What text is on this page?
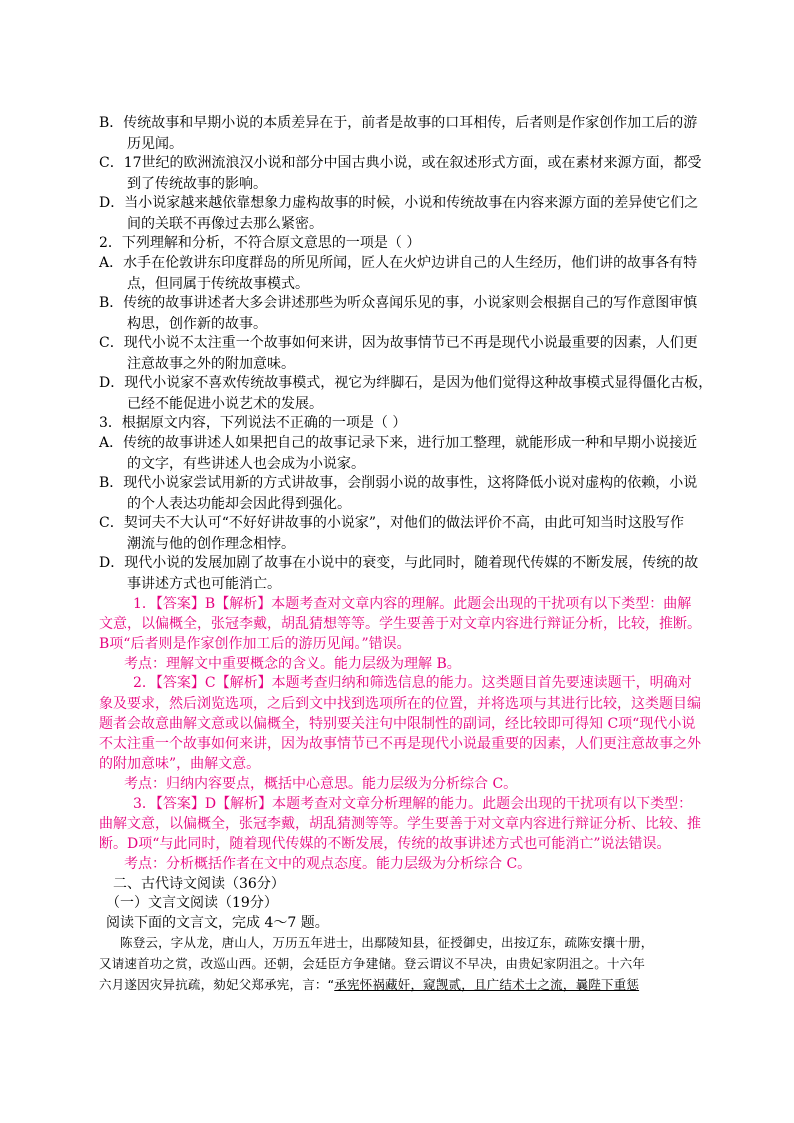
B．传统故事和早期小说的本质差异在于，前者是故事的口耳相传，后者则是作家创作加工后的游
历见闻。
C．17世纪的欧洲流浪汉小说和部分中国古典小说，或在叙述形式方面，或在素材来源方面，都受
到了传统故事的影响。
D．当小说家越来越依靠想象力虚构故事的时候，小说和传统故事在内容来源方面的差异使它们之
间的关联不再像过去那么紧密。
2．下列理解和分析，不符合原文意思的一项是（ ）
A．水手在伦敦讲东印度群岛的所见所闻，匠人在火炉边讲自己的人生经历，他们讲的故事各有特
点，但同属于传统故事模式。
B．传统的故事讲述者大多会讲述那些为听众喜闻乐见的事，小说家则会根据自己的写作意图审慎
构思，创作新的故事。
C．现代小说不太注重一个故事如何来讲，因为故事情节已不再是现代小说最重要的因素，人们更
注意故事之外的附加意味。
D．现代小说家不喜欢传统故事模式，视它为绊脚石，是因为他们觉得这种故事模式显得僵化古板，
已经不能促进小说艺术的发展。
3．根据原文内容，下列说法不正确的一项是（ ）
A．传统的故事讲述人如果把自己的故事记录下来，进行加工整理，就能形成一种和早期小说接近
的文字，有些讲述人也会成为小说家。
B．现代小说家尝试用新的方式讲故事，会削弱小说的故事性，这将降低小说对虚构的依赖，小说
的个人表达功能却会因此得到强化。
C．契诃夫不大认可“不好好讲故事的小说家”，对他们的做法评价不高，由此可知当时这股写作
潮流与他的创作理念相悖。
D．现代小说的发展加剧了故事在小说中的衰变，与此同时，随着现代传媒的不断发展，传统的故
事讲述方式也可能消亡。
1．【答案】B【解析】本题考查对文章内容的理解。此题会出现的干扰项有以下类型：曲解
文意，以偏概全，张冠李戴，胡乱猜想等等。学生要善于对文章内容进行辩证分析，比较，推断。
B项“后者则是作家创作加工后的游历见闻。”错误。
考点：理解文中重要概念的含义。能力层级为理解 B。
2．【答案】C【解析】本题考查归纳和筛选信息的能力。这类题目首先要速读题干，明确对
象及要求，然后浏览选项，之后到文中找到选项所在的位置，并将选项与其进行比较，这类题目编
题者会故意曲解文意或以偏概全，特别要关注句中限制性的副词，经比较即可得知 C项“现代小说
不太注重一个故事如何来讲，因为故事情节已不再是现代小说最重要的因素，人们更注意故事之外
的附加意味”，曲解文意。
考点：归纳内容要点，概括中心意思。能力层级为分析综合 C。
3．【答案】D【解析】本题考查对文章分析理解的能力。此题会出现的干扰项有以下类型：
曲解文意，以偏概全，张冠李戴，胡乱猜测等等。学生要善于对文章内容进行辩证分析、比较、推
断。D项“与此同时，随着现代传媒的不断发展，传统的故事讲述方式也可能消亡”说法错误。
考点：分析概括作者在文中的观点态度。能力层级为分析综合 C。
二、古代诗文阅读（36分）
（一）文言文阅读（19分）
阅读下面的文言文，完成 4～7 题。
陈登云，字从龙，唐山人，万历五年进士，出鄢陵知县，征授御史，出按辽东，疏陈安攘十册，
又请速首功之赏，改巡山西。还朝，会廷臣方争建储。登云谓议不早决，由贵妃家阴沮之。十六年
六月遂因灾异抗疏，劾妃父郑承宪，言：“承宪怀祸藏奸，窥觊贰，且广结术士之流，曩陛下重惩
